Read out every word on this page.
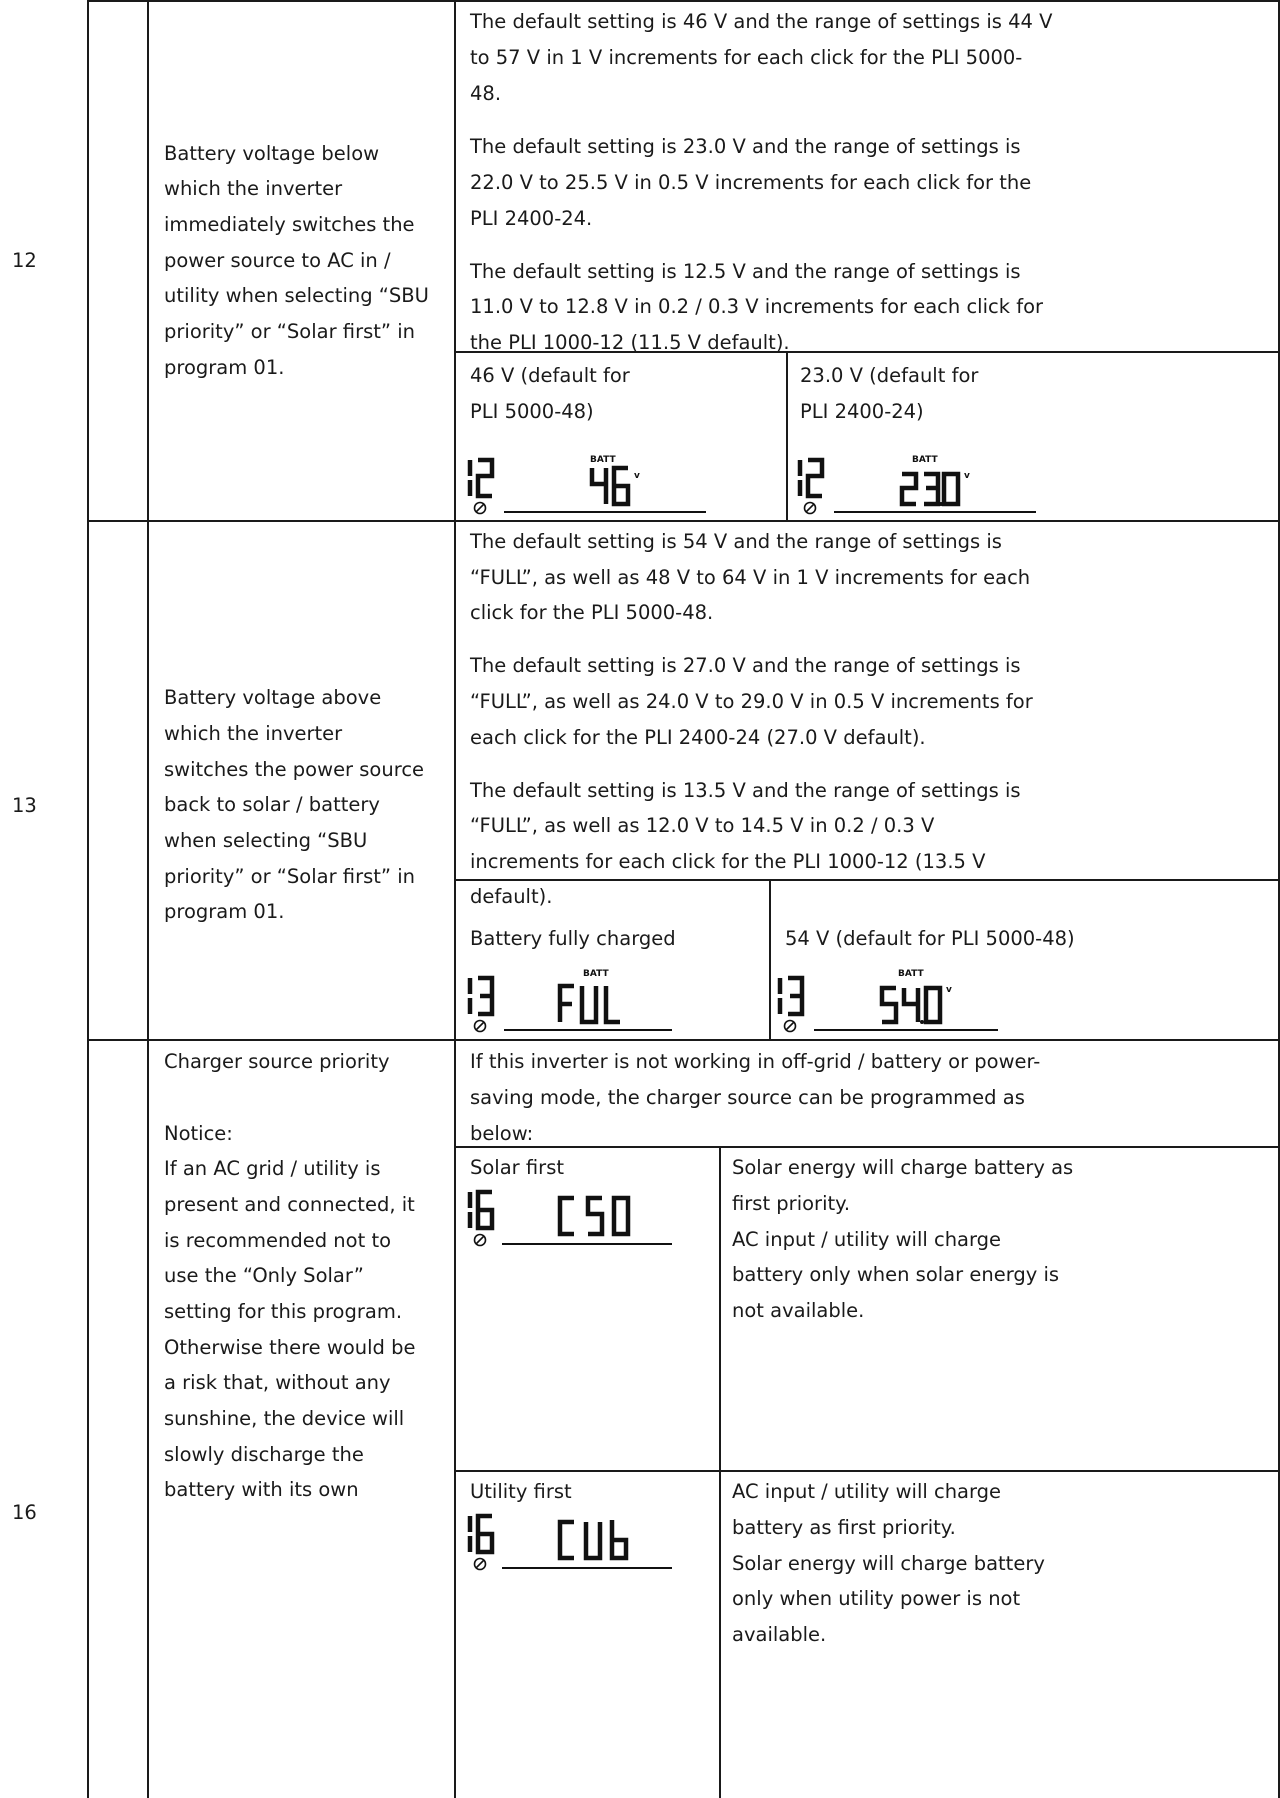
12
Battery voltage below
which the inverter
immediately switches the
power source to AC in /
utility when selecting “SBU
priority” or “Solar first” in
program 01.
The default setting is 46 V and the range of settings is 44 V
to 57 V in 1 V increments for each click for the PLI 5000-
48.
The default setting is 23.0 V and the range of settings is
22.0 V to 25.5 V in 0.5 V increments for each click for the
PLI 2400-24.
The default setting is 12.5 V and the range of settings is
11.0 V to 12.8 V in 0.2 / 0.3 V increments for each click for
the PLI 1000-12 (11.5 V default).
46 V (default for
PLI 5000-48)
BATT
v
23.0 V (default for
PLI 2400-24)
BATT
v
13
Battery voltage above
which the inverter
switches the power source
back to solar / battery
when selecting “SBU
priority” or “Solar first” in
program 01.
The default setting is 54 V and the range of settings is
“FULL”, as well as 48 V to 64 V in 1 V increments for each
click for the PLI 5000-48.
The default setting is 27.0 V and the range of settings is
“FULL”, as well as 24.0 V to 29.0 V in 0.5 V increments for
each click for the PLI 2400-24 (27.0 V default).
The default setting is 13.5 V and the range of settings is
“FULL”, as well as 12.0 V to 14.5 V in 0.2 / 0.3 V
increments for each click for the PLI 1000-12 (13.5 V
default).
Battery fully charged
BATT
54 V (default for PLI 5000-48)
BATT
v
16
Charger source priority
Notice:
If an AC grid / utility is
present and connected, it
is recommended not to
use the “Only Solar”
setting for this program.
Otherwise there would be
a risk that, without any
sunshine, the device will
slowly discharge the
battery with its own
If this inverter is not working in off-grid / battery or power-
saving mode, the charger source can be programmed as
below:
Solar first	Solar energy will charge battery as
first priority.
AC input / utility will charge
battery only when solar energy is
not available.
Utility first	AC input / utility will charge
battery as first priority.
Solar energy will charge battery
only when utility power is not
available.
